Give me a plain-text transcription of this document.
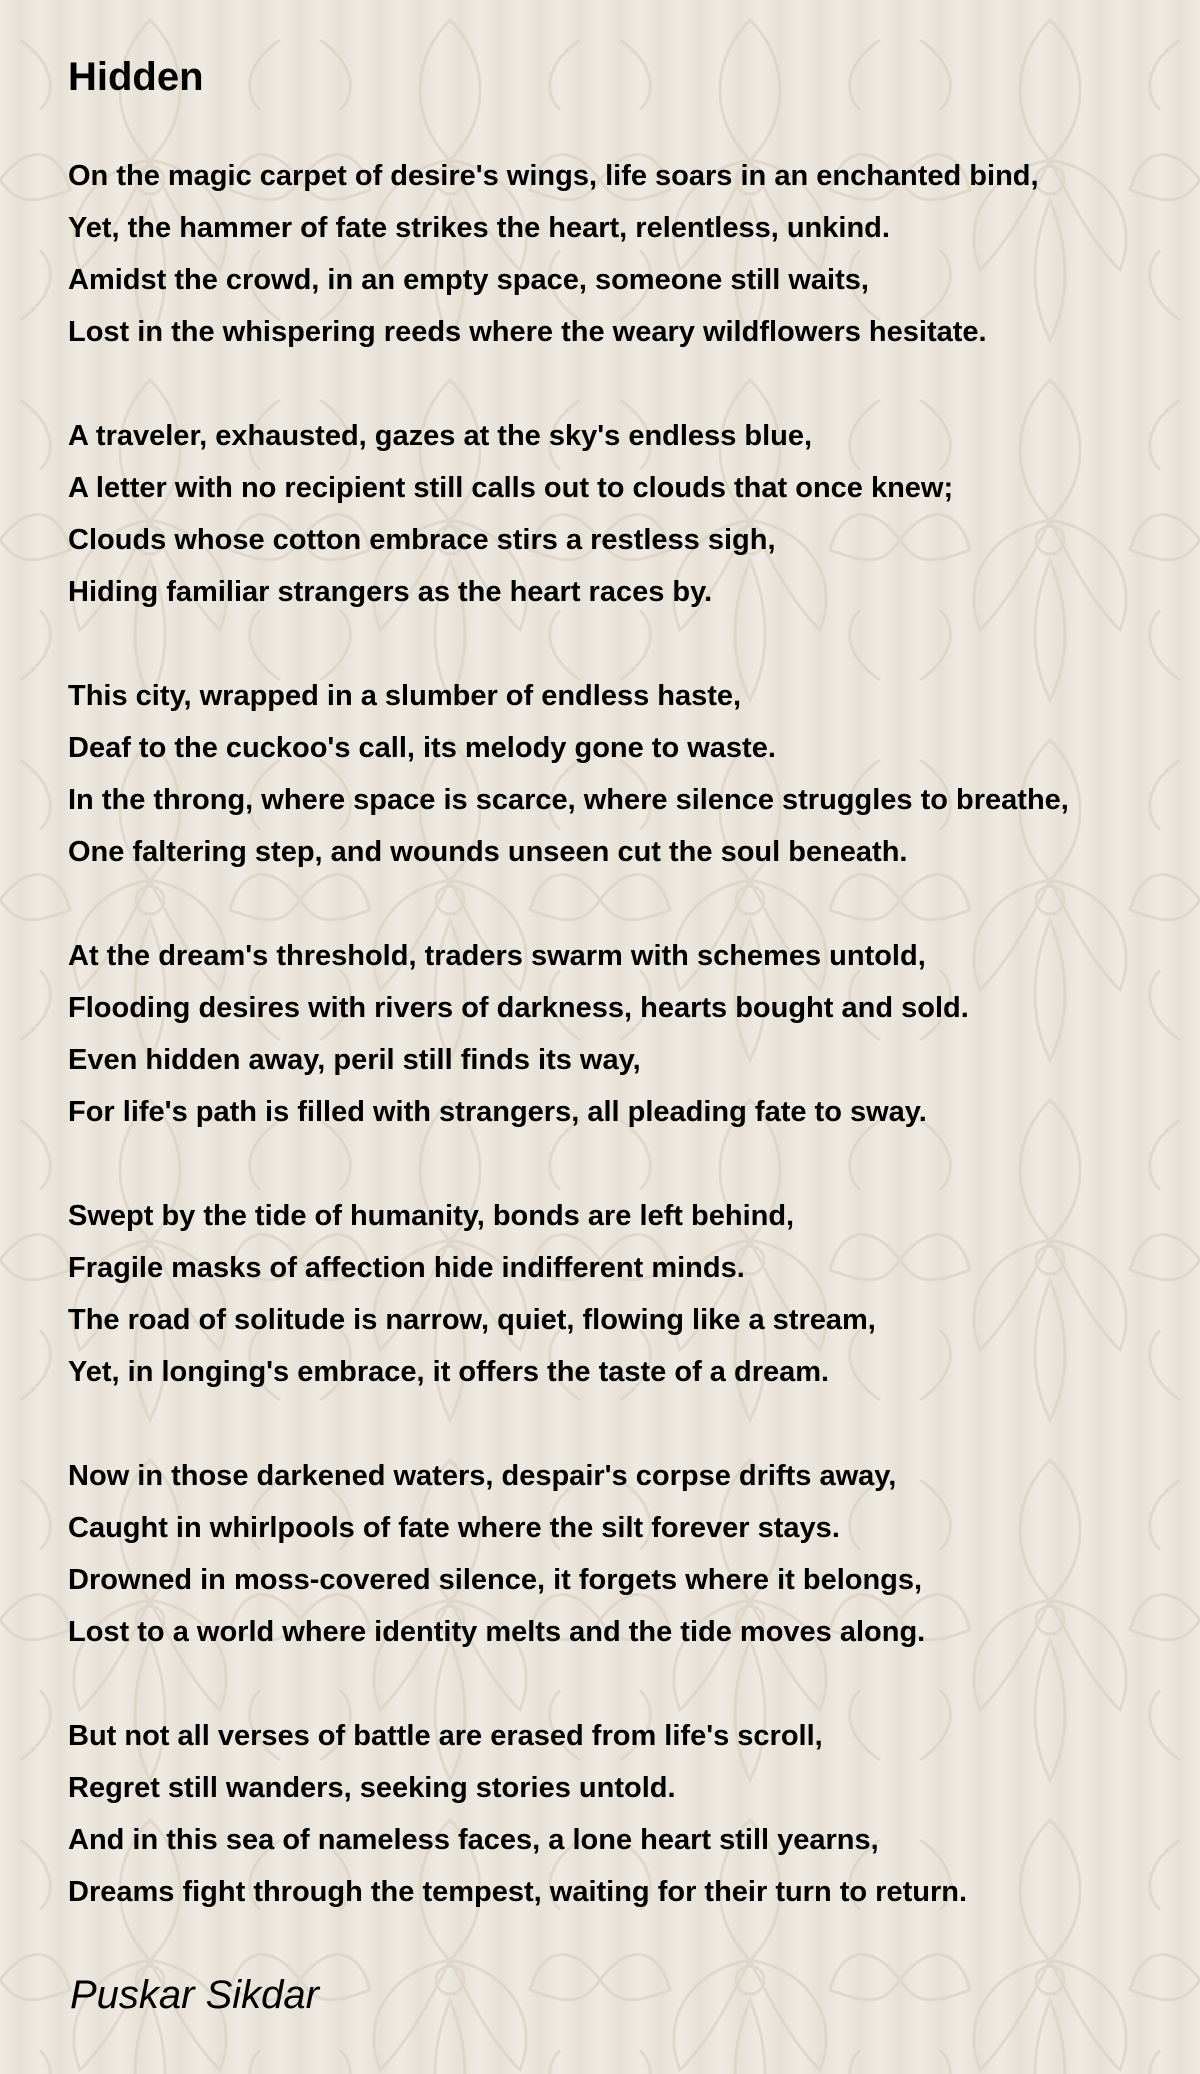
Hidden
On the magic carpet of desire's wings, life soars in an enchanted bind,
Yet, the hammer of fate strikes the heart, relentless, unkind.
Amidst the crowd, in an empty space, someone still waits,
Lost in the whispering reeds where the weary wildflowers hesitate.
A traveler, exhausted, gazes at the sky's endless blue,
A letter with no recipient still calls out to clouds that once knew;
Clouds whose cotton embrace stirs a restless sigh,
Hiding familiar strangers as the heart races by.
This city, wrapped in a slumber of endless haste,
Deaf to the cuckoo's call, its melody gone to waste.
In the throng, where space is scarce, where silence struggles to breathe,
One faltering step, and wounds unseen cut the soul beneath.
At the dream's threshold, traders swarm with schemes untold,
Flooding desires with rivers of darkness, hearts bought and sold.
Even hidden away, peril still finds its way,
For life's path is filled with strangers, all pleading fate to sway.
Swept by the tide of humanity, bonds are left behind,
Fragile masks of affection hide indifferent minds.
The road of solitude is narrow, quiet, flowing like a stream,
Yet, in longing's embrace, it offers the taste of a dream.
Now in those darkened waters, despair's corpse drifts away,
Caught in whirlpools of fate where the silt forever stays.
Drowned in moss-covered silence, it forgets where it belongs,
Lost to a world where identity melts and the tide moves along.
But not all verses of battle are erased from life's scroll,
Regret still wanders, seeking stories untold.
And in this sea of nameless faces, a lone heart still yearns,
Dreams fight through the tempest, waiting for their turn to return.
Puskar Sikdar
